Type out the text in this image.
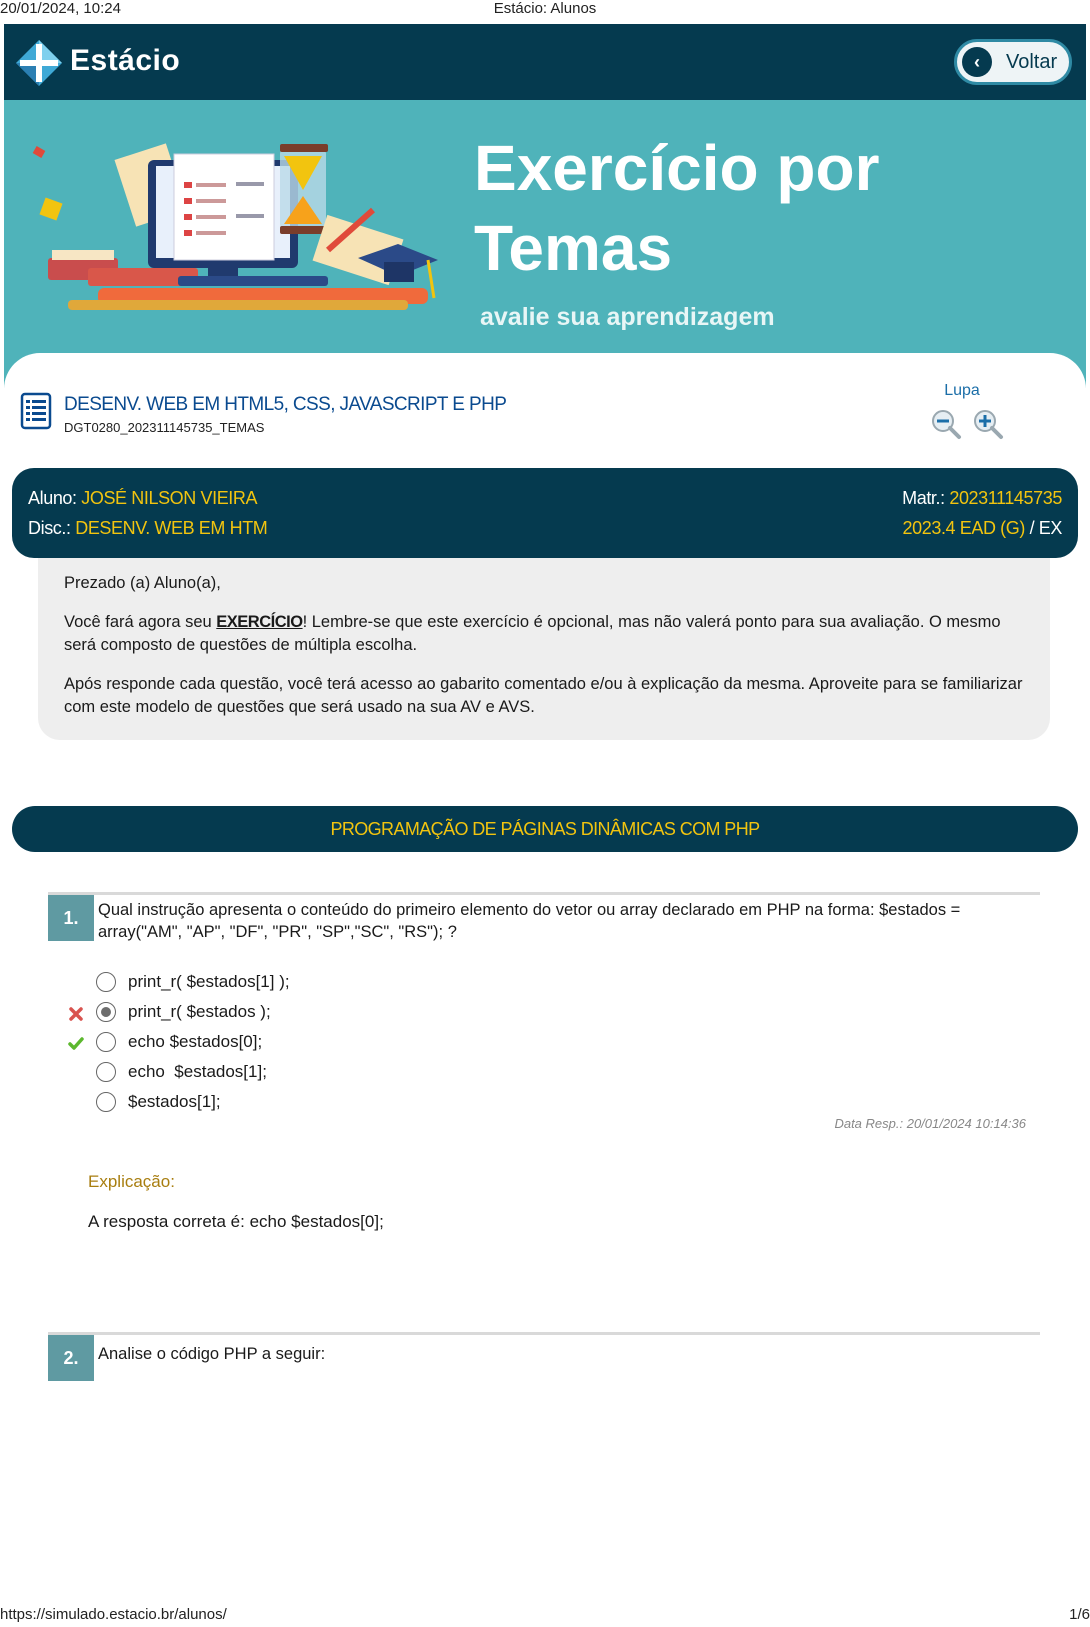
20/01/2024, 10:24	Estácio: Alunos
Estácio	‹	Voltar
Exercício por Temas
avalie sua aprendizagem
DESENV. WEB EM HTML5, CSS, JAVASCRIPT E PHP
DGT0280_202311145735_TEMAS
Lupa
Aluno: JOSÉ NILSON VIEIRA
Disc.: DESENV. WEB EM HTM
Matr.: 202311145735
2023.4 EAD (G) / EX

Prezado (a) Aluno(a),

Você fará agora seu EXERCÍCIO! Lembre-se que este exercício é opcional, mas não valerá ponto para sua avaliação. O mesmo será composto de questões de múltipla escolha.

Após responde cada questão, você terá acesso ao gabarito comentado e/ou à explicação da mesma. Aproveite para se familiarizar com este modelo de questões que será usado na sua AV e AVS.

PROGRAMAÇÃO DE PÁGINAS DINÂMICAS COM PHP
1.	Qual instrução apresenta o conteúdo do primeiro elemento do vetor ou array declarado em PHP na forma: $estados = array("AM", "AP", "DF", "PR", "SP","SC", "RS"); ?
print_r( $estados[1] );
print_r( $estados );
echo $estados[0];
echo  $estados[1];
$estados[1];
Data Resp.: 20/01/2024 10:14:36
Explicação:
A resposta correta é: echo $estados[0];
2.	Analise o código PHP a seguir:
https://simulado.estacio.br/alunos/	1/6
